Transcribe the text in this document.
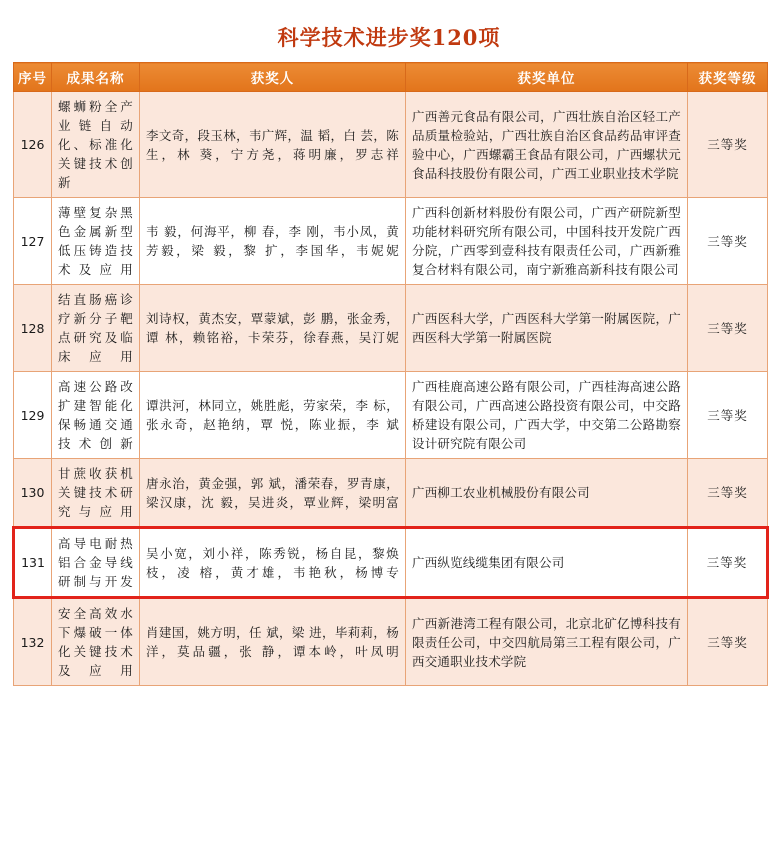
科学技术进步奖120项
序号	成果名称	获奖人	获奖单位	获奖等级
126	螺蛳粉全产业链自动化、标准化关键技术创新	李文奇，段玉林，韦广辉，温 韬，白 芸，陈 生，林 葵，宁方尧，蒋明廉，罗志祥	广西善元食品有限公司，广西壮族自治区轻工产品质量检验站，广西壮族自治区食品药品审评查验中心，广西螺霸王食品有限公司，广西螺状元食品科技股份有限公司，广西工业职业技术学院	三等奖
127	薄壁复杂黑色金属新型低压铸造技术及应用	韦 毅，何海平，柳 春，李 刚，韦小凤，黄芳毅，梁 毅，黎 扩，李国华，韦妮妮	广西科创新材料股份有限公司，广西产研院新型功能材料研究所有限公司，中国科技开发院广西分院，广西零到壹科技有限责任公司，广西新雅复合材料有限公司，南宁新雅高新科技有限公司	三等奖
128	结直肠癌诊疗新分子靶点研究及临床应用	刘诗权，黄杰安，覃蒙斌，彭 鹏，张金秀，谭 林，赖铭裕，卡荣芬，徐春燕，吴汀妮	广西医科大学，广西医科大学第一附属医院，广西医科大学第一附属医院	三等奖
129	高速公路改扩建智能化保畅通交通技术创新	谭洪河，林同立，姚胜彪，劳家荣，李 标，张永奇，赵艳纳，覃 悦，陈业振，李 斌	广西桂鹿高速公路有限公司，广西桂海高速公路有限公司，广西高速公路投资有限公司，中交路桥建设有限公司，广西大学，中交第二公路勘察设计研究院有限公司	三等奖
130	甘蔗收获机关键技术研究与应用	唐永治，黄金强，郭 斌，潘荣春，罗青康，梁汉康，沈 毅，吴进炎，覃业辉，梁明富	广西柳工农业机械股份有限公司	三等奖
131	高导电耐热铝合金导线研制与开发	吴小宽，刘小祥，陈秀锐，杨自昆，黎焕枝，凌 榕，黄才雄，韦艳秋，杨博专	广西纵览线缆集团有限公司	三等奖
132	安全高效水下爆破一体化关键技术及应用	肖建国，姚方明，任 斌，梁 进，毕莉莉，杨 洋，莫品疆，张 静，谭本岭，叶凤明	广西新港湾工程有限公司，北京北矿亿博科技有限责任公司，中交四航局第三工程有限公司，广西交通职业技术学院	三等奖
